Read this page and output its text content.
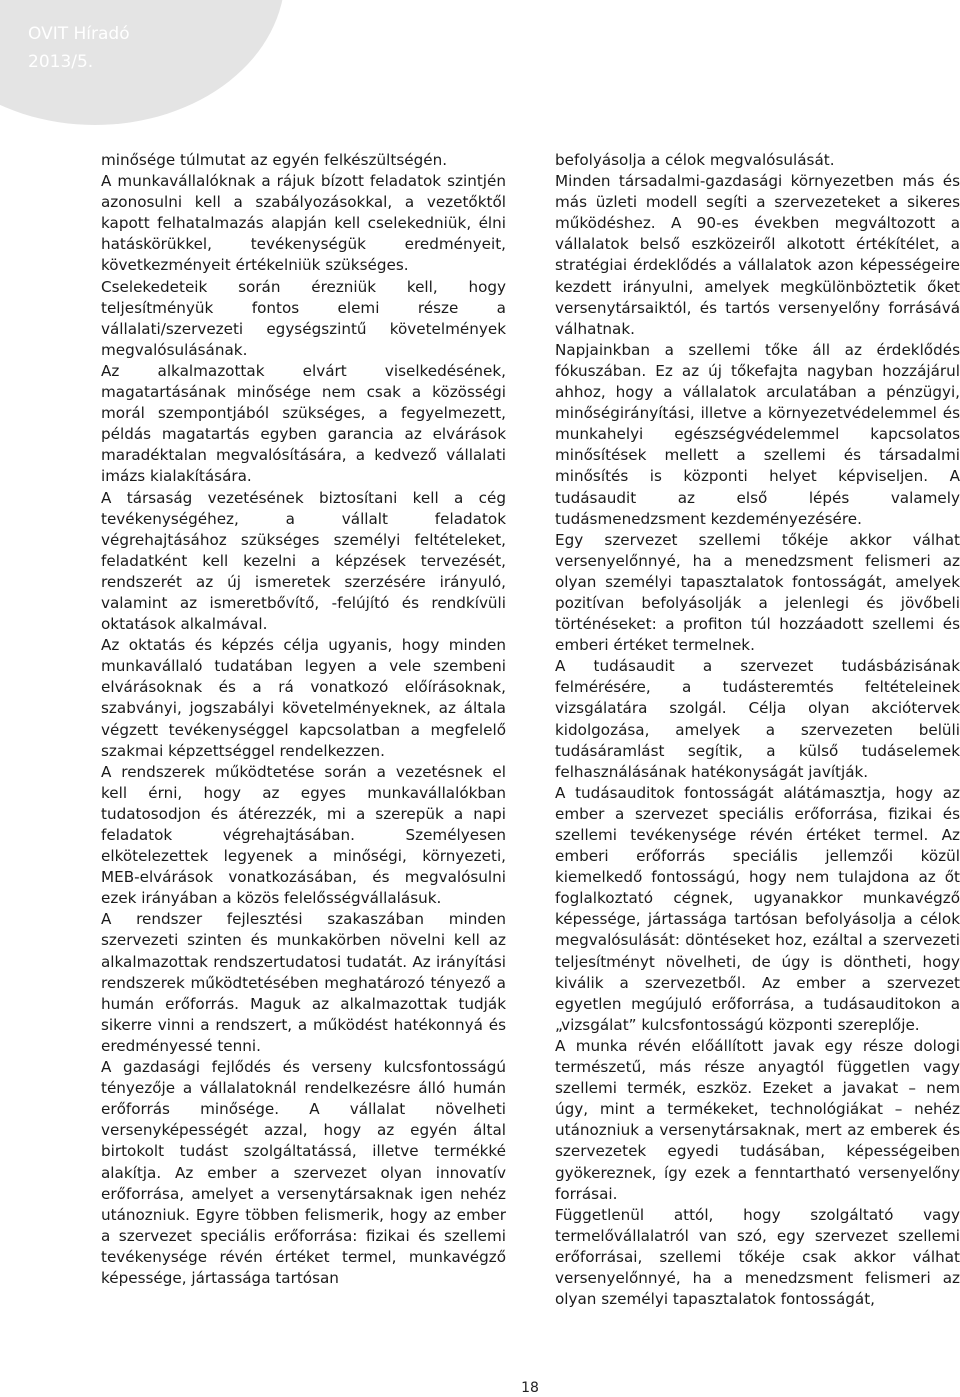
OVIT Híradó
2013/5.

minősége túlmutat az egyén felkészültségén.

A munkavállalóknak a rájuk bízott feladatok szintjén azonosulni kell a szabályozásokkal, a vezetőktől kapott felhatalmazás alapján kell cselekedniük, élni hatáskörükkel, tevékenységük eredményeit, következményeit értékelniük szükséges.

Cselekedeteik során érezniük kell, hogy teljesítményük fontos elemi része a vállalati/szervezeti egységszintű követelmények megvalósulásának.

Az alkalmazottak elvárt viselkedésének, magatartásának minősége nem csak a közösségi morál szempontjából szükséges, a fegyelmezett, példás magatartás egyben garancia az elvárások maradéktalan megvalósítására, a kedvező vállalati imázs kialakítására.

A társaság vezetésének biztosítani kell a cég tevékenységéhez, a vállalt feladatok végrehajtásához szükséges személyi feltételeket, feladatként kell kezelni a képzések tervezését, rendszerét az új ismeretek szerzésére irányuló, valamint az ismeretbővítő, -felújító és rendkívüli oktatások alkalmával.

Az oktatás és képzés célja ugyanis, hogy minden munkavállaló tudatában legyen a vele szembeni elvárásoknak és a rá vonatkozó előírásoknak, szabványi, jogszabályi követelményeknek, az általa végzett tevékenységgel kapcsolatban a megfelelő szakmai képzettséggel rendelkezzen.

A rendszerek működtetése során a vezetésnek el kell érni, hogy az egyes munkavállalókban tudatosodjon és átérezzék, mi a szerepük a napi feladatok végrehajtásában. Személyesen elkötelezettek legyenek a minőségi, környezeti, MEB-elvárások vonatkozásában, és megvalósulni ezek irányában a közös felelősségvállalásuk.

A rendszer fejlesztési szakaszában minden szervezeti szinten és munkakörben növelni kell az alkalmazottak rendszertudatosi tudatát. Az irányítási rendszerek működtetésében meghatározó tényező a humán erőforrás. Maguk az alkalmazottak tudják sikerre vinni a rendszert, a működést hatékonnyá és eredményessé tenni.

A gazdasági fejlődés és verseny kulcsfontosságú tényezője a vállalatoknál rendelkezésre álló humán erőforrás minősége. A vállalat növelheti versenyképességét azzal, hogy az egyén által birtokolt tudást szolgáltatássá, illetve termékké alakítja. Az ember a szervezet olyan innovatív erőforrása, amelyet a versenytársaknak igen nehéz utánozniuk. Egyre többen felismerik, hogy az ember a szervezet speciális erőforrása: fizikai és szellemi tevékenysége révén értéket termel, munkavégző képessége, jártassága tartósan

befolyásolja a célok megvalósulását.

Minden társadalmi-gazdasági környezetben más és más üzleti modell segíti a szervezeteket a sikeres működéshez. A 90-es években megváltozott a vállalatok belső eszközeiről alkotott értékítélet, a stratégiai érdeklődés a vállalatok azon képességeire kezdett irányulni, amelyek megkülönböztetik őket versenytársaiktól, és tartós versenyelőny forrásává válhatnak.

Napjainkban a szellemi tőke áll az érdeklődés fókuszában. Ez az új tőkefajta nagyban hozzájárul ahhoz, hogy a vállalatok arculatában a pénzügyi, minőségirányítási, illetve a környezetvédelemmel és munkahelyi egészségvédelemmel kapcsolatos minősítések mellett a szellemi és társadalmi minősítés is központi helyet képviseljen. A tudásaudit az első lépés valamely tudásmenedzsment kezdeményezésére.

Egy szervezet szellemi tőkéje akkor válhat versenyelőnnyé, ha a menedzsment felismeri az olyan személyi tapasztalatok fontosságát, amelyek pozitívan befolyásolják a jelenlegi és jövőbeli történéseket: a profiton túl hozzáadott szellemi és emberi értéket termelnek.

A tudásaudit a szervezet tudásbázisának felmérésére, a tudásteremtés feltételeinek vizsgálatára szolgál. Célja olyan akciótervek kidolgozása, amelyek a szervezeten belüli tudásáramlást segítik, a külső tudáselemek felhasználásának hatékonyságát javítják.

A tudásauditok fontosságát alátámasztja, hogy az ember a szervezet speciális erőforrása, fizikai és szellemi tevékenysége révén értéket termel. Az emberi erőforrás speciális jellemzői közül kiemelkedő fontosságú, hogy nem tulajdona az őt foglalkoztató cégnek, ugyanakkor munkavégző képessége, jártassága tartósan befolyásolja a célok megvalósulását: döntéseket hoz, ezáltal a szervezeti teljesítményt növelheti, de úgy is döntheti, hogy kiválik a szervezetből. Az ember a szervezet egyetlen megújuló erőforrása, a tudásauditokon a „vizsgálat” kulcsfontosságú központi szereplője.

A munka révén előállított javak egy része dologi természetű, más része anyagtól független vagy szellemi termék, eszköz. Ezeket a javakat – nem úgy, mint a termékeket, technológiákat – nehéz utánozniuk a versenytársaknak, mert az emberek és szervezetek egyedi tudásában, képességeiben gyökereznek, így ezek a fenntartható versenyelőny forrásai.

Függetlenül attól, hogy szolgáltató vagy termelővállalatról van szó, egy szervezet szellemi erőforrásai, szellemi tőkéje csak akkor válhat versenyelőnnyé, ha a menedzsment felismeri az olyan személyi tapasztalatok fontosságát,

18
